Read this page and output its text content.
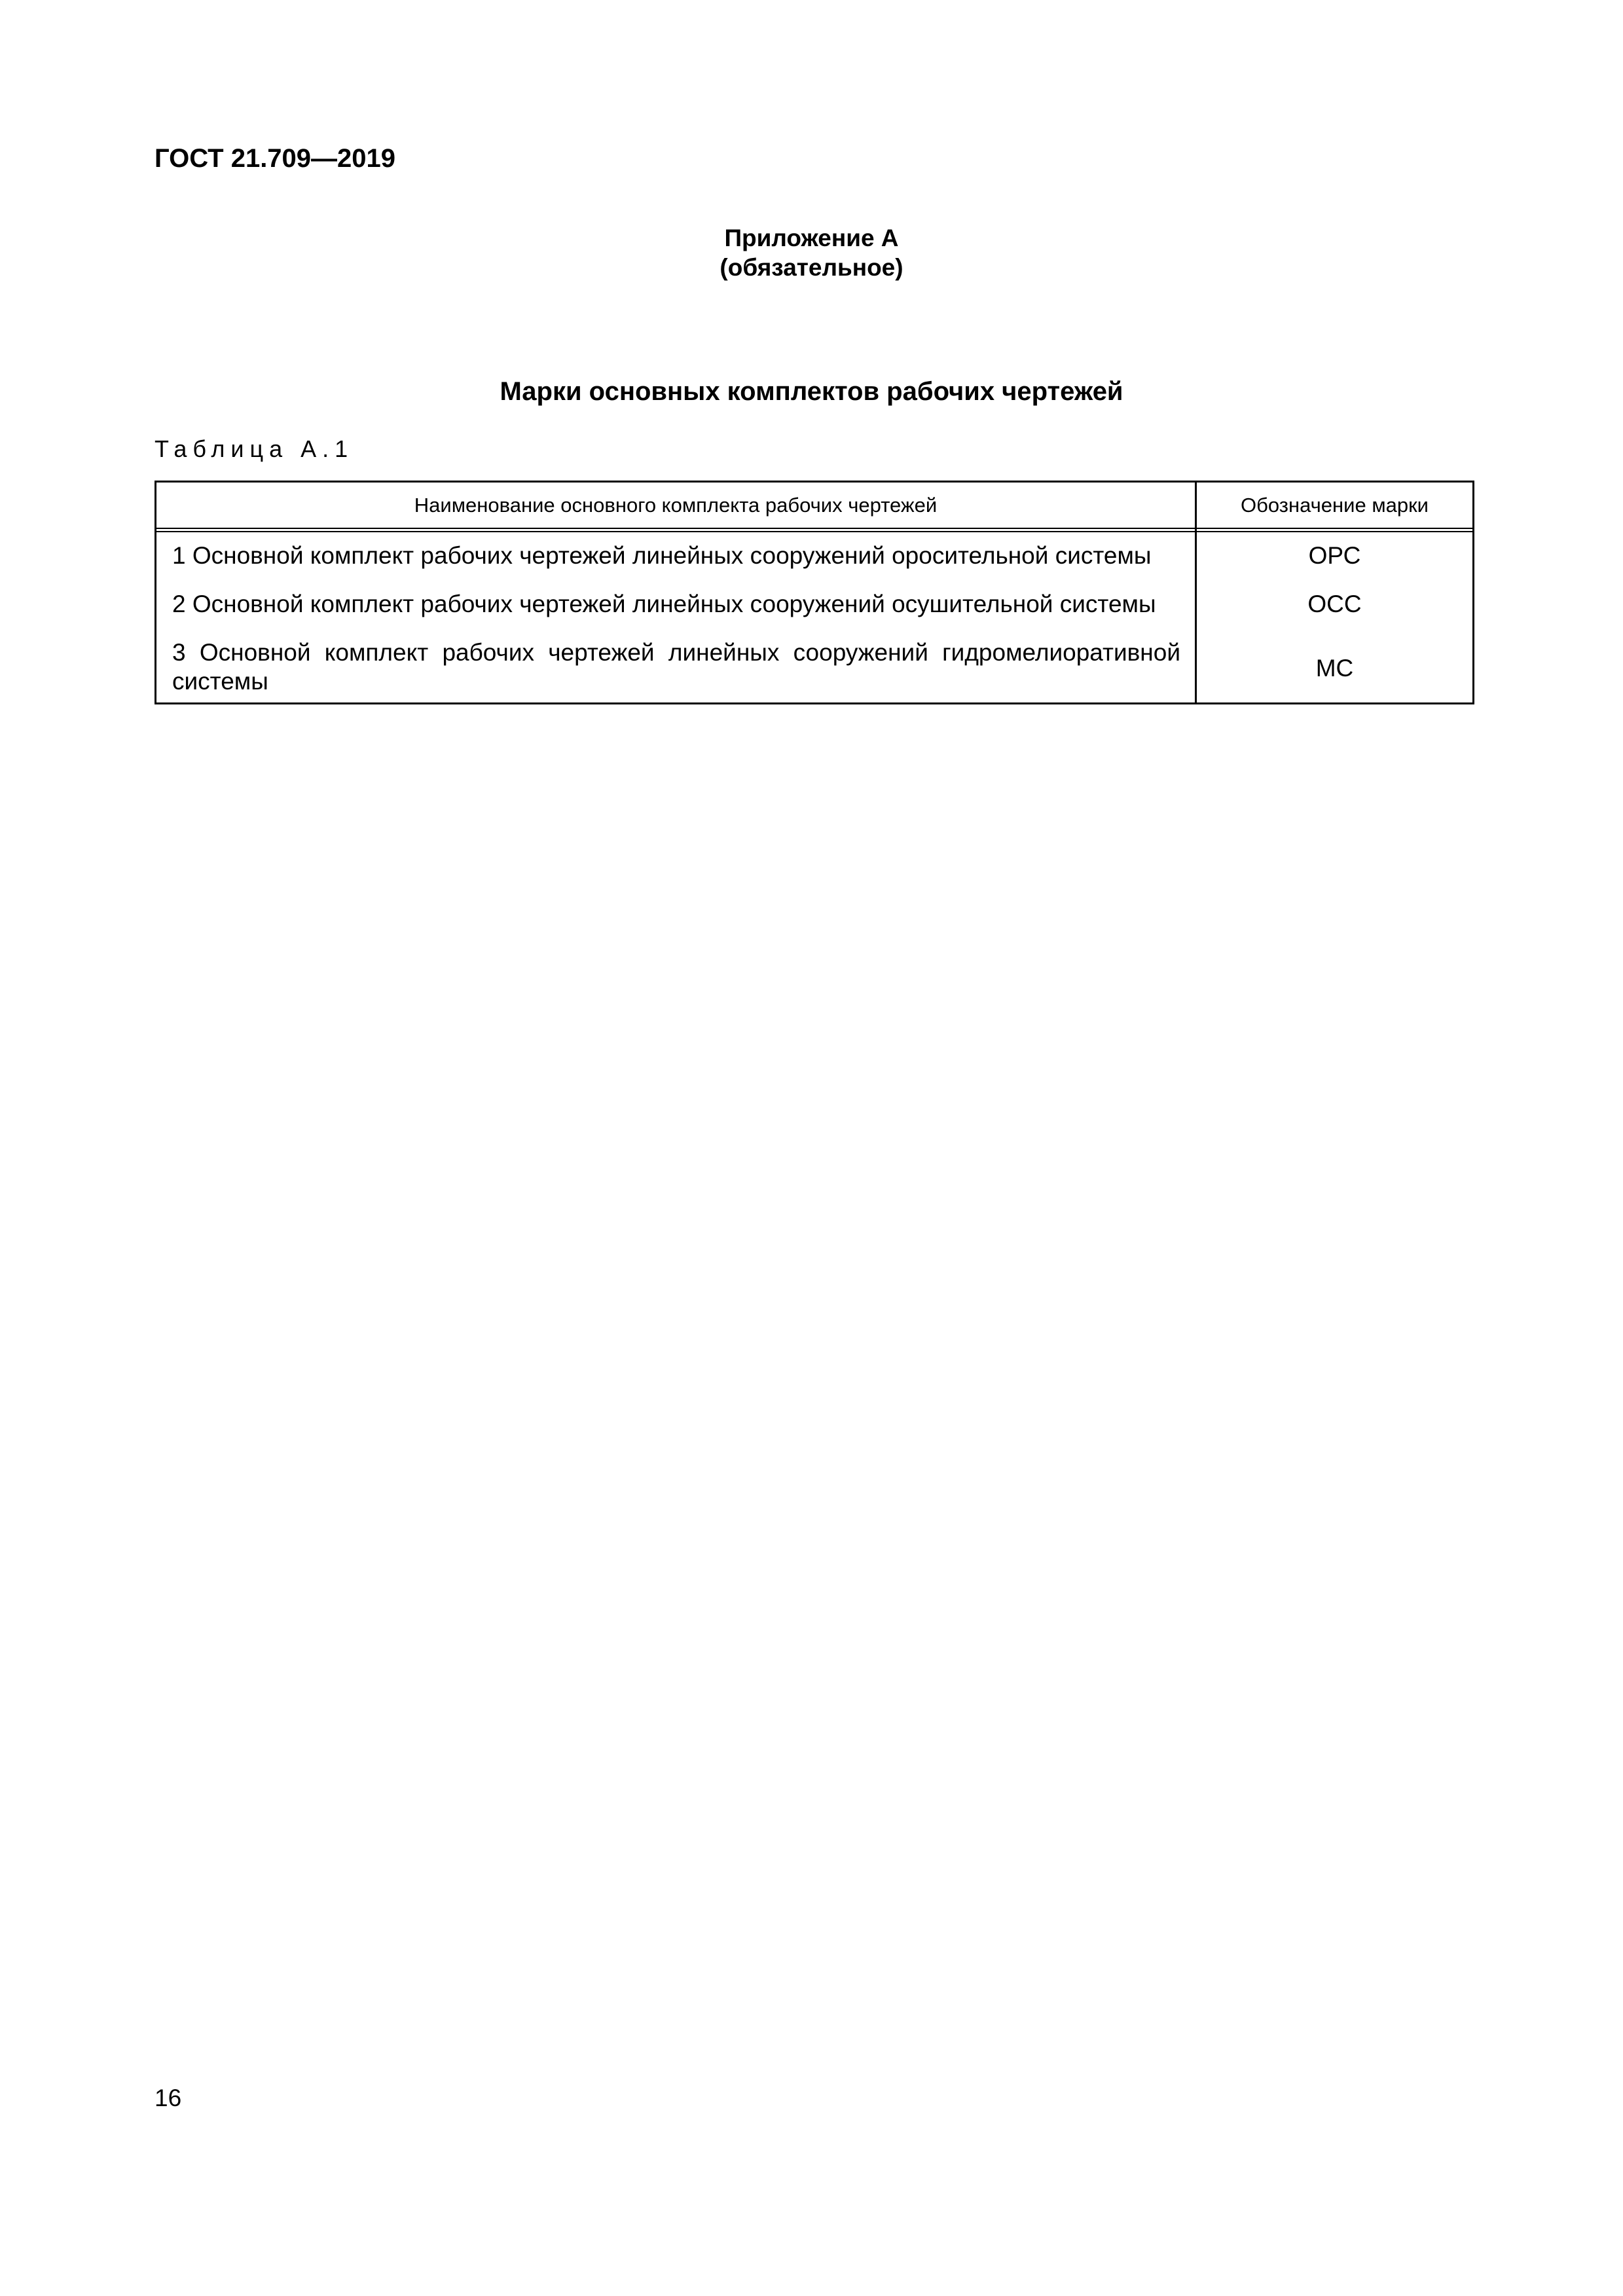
ГОСТ 21.709—2019
Приложение А
(обязательное)
Марки основных комплектов рабочих чертежей
Таблица А.1
Наименование основного комплекта рабочих чертежей	Обозначение марки
1 Основной комплект рабочих чертежей линейных сооружений оросительной системы	ОРС
2 Основной комплект рабочих чертежей линейных сооружений осушительной системы	ОСС
3 Основной комплект рабочих чертежей линейных сооружений гидромелиоративной системы	МС
16
